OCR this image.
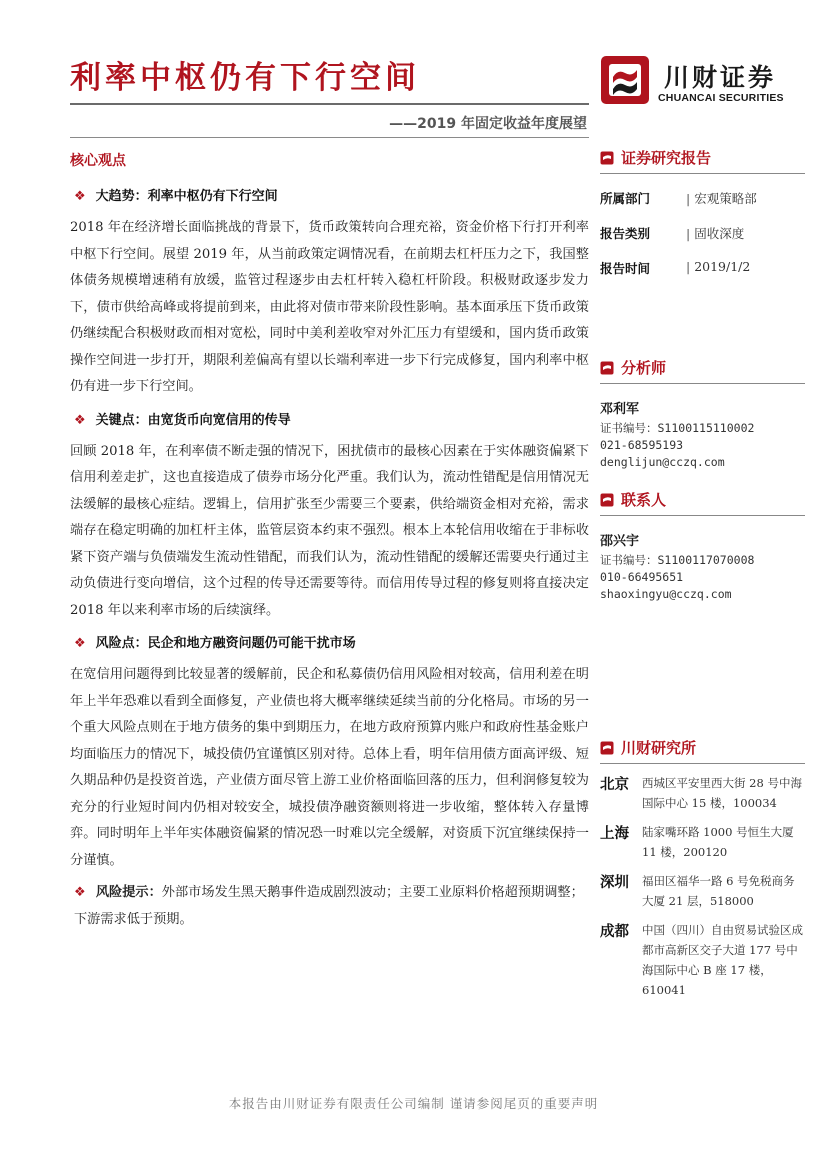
利率中枢仍有下行空间
——2019 年固定收益年度展望
川财证券
CHUANCAI SECURITIES
核心观点
❖ 大趋势：利率中枢仍有下行空间

2018 年在经济增长面临挑战的背景下，货币政策转向合理充裕，资金价格下行打开利率中枢下行空间。展望 2019 年，从当前政策定调情况看，在前期去杠杆压力之下，我国整体债务规模增速稍有放缓，监管过程逐步由去杠杆转入稳杠杆阶段。积极财政逐步发力下，债市供给高峰或将提前到来，由此将对债市带来阶段性影响。基本面承压下货币政策仍继续配合积极财政而相对宽松，同时中美利差收窄对外汇压力有望缓和，国内货币政策操作空间进一步打开，期限利差偏高有望以长端利率进一步下行完成修复，国内利率中枢仍有进一步下行空间。

❖ 关键点：由宽货币向宽信用的传导

回顾 2018 年，在利率债不断走强的情况下，困扰债市的最核心因素在于实体融资偏紧下信用利差走扩，这也直接造成了债券市场分化严重。我们认为，流动性错配是信用情况无法缓解的最核心症结。逻辑上，信用扩张至少需要三个要素，供给端资金相对充裕，需求端存在稳定明确的加杠杆主体，监管层资本约束不强烈。根本上本轮信用收缩在于非标收紧下资产端与负债端发生流动性错配，而我们认为，流动性错配的缓解还需要央行通过主动负债进行变向增信，这个过程的传导还需要等待。而信用传导过程的修复则将直接决定 2018 年以来利率市场的后续演绎。

❖ 风险点：民企和地方融资问题仍可能干扰市场

在宽信用问题得到比较显著的缓解前，民企和私募债仍信用风险相对较高，信用利差在明年上半年恐难以看到全面修复，产业债也将大概率继续延续当前的分化格局。市场的另一个重大风险点则在于地方债务的集中到期压力，在地方政府预算内账户和政府性基金账户均面临压力的情况下，城投债仍宜谨慎区别对待。总体上看，明年信用债方面高评级、短久期品种仍是投资首选，产业债方面尽管上游工业价格面临回落的压力，但利润修复较为充分的行业短时间内仍相对较安全，城投债净融资额则将进一步收缩，整体转入存量博弈。同时明年上半年实体融资偏紧的情况恐一时难以完全缓解，对资质下沉宜继续保持一分谨慎。

❖ 风险提示：外部市场发生黑天鹅事件造成剧烈波动；主要工业原料价格超预期调整；下游需求低于预期。

证券研究报告
所属部门	| 宏观策略部
报告类别	| 固收深度
报告时间	| 2019/1/2
分析师
邓利军
证书编号：S1100115110002
021-68595193
denglijun@cczq.com
联系人
邵兴宇
证书编号：S1100117070008
010-66495651
shaoxingyu@cczq.com
川财研究所
北京	西城区平安里西大街 28 号中海国际中心 15 楼，100034
上海	陆家嘴环路 1000 号恒生大厦 11 楼，200120
深圳	福田区福华一路 6 号免税商务大厦 21 层，518000
成都	中国（四川）自由贸易试验区成都市高新区交子大道 177 号中海国际中心 B 座 17 楼，610041
本报告由川财证券有限责任公司编制 谨请参阅尾页的重要声明
